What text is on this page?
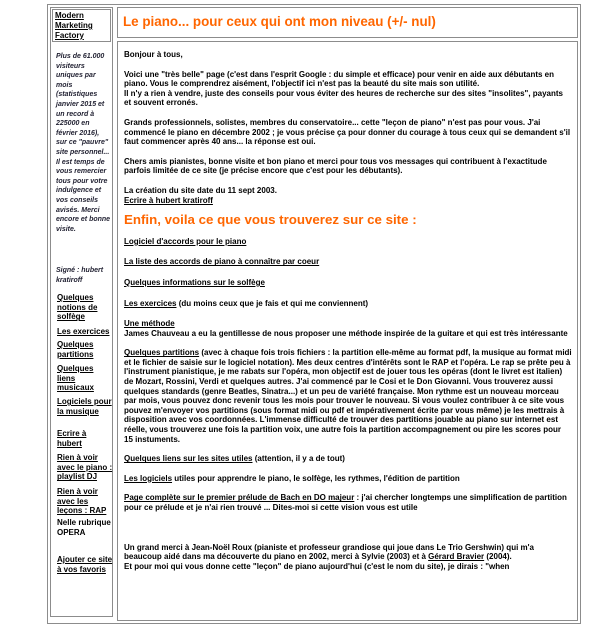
Modern
Marketing
Factory
Plus de 61.000 visiteurs uniques par mois (statistiques janvier 2015 et un record à 225000 en février 2016), sur ce "pauvre" site personnel... Il est temps de vous remercier tous pour votre indulgence et vos conseils avisés. Merci encore et bonne visite.
Signé : hubert kratiroff
Quelques notions de solfège
Les exercices
Quelques partitions
Quelques liens musicaux
Logiciels pour la musique
Ecrire à hubert
Rien à voir avec le piano : playlist DJ
Rien à voir avec les leçons : RAP
Nelle rubrique OPERA
Ajouter ce site à vos favoris
Le piano... pour ceux qui ont mon niveau (+/- nul)

Bonjour à tous,

Voici une "très belle" page (c'est dans l'esprit Google : du simple et efficace) pour venir en aide aux débutants en piano. Vous le comprendrez aisément, l'objectif ici n'est pas la beauté du site mais son utilité.
Il n'y a rien à vendre, juste des conseils pour vous éviter des heures de recherche sur des sites "insolites", payants et souvent erronés.

Grands professionnels, solistes, membres du conservatoire... cette "leçon de piano" n'est pas pour vous. J'ai commencé le piano en décembre 2002 ; je vous précise ça pour donner du courage à tous ceux qui se demandent s'il faut commencer après 40 ans... la réponse est oui.

Chers amis pianistes, bonne visite et bon piano et merci pour tous vos messages qui contribuent à l'exactitude parfois limitée de ce site (je précise encore que c'est pour les débutants).

La création du site date du 11 sept 2003.
Ecrire à hubert kratiroff

Enfin, voila ce que vous trouverez sur ce site :
Logiciel d'accords pour le piano
La liste des accords de piano à connaître par coeur
Quelques informations sur le solfège

Les exercices (du moins ceux que je fais et qui me conviennent)

Une méthode
James Chauveau a eu la gentillesse de nous proposer une méthode inspirée de la guitare et qui est très intéressante

Quelques partitions (avec à chaque fois trois fichiers : la partition elle-même au format pdf, la musique au format midi et le fichier de saisie sur le logiciel notation). Mes deux centres d'intérêts sont le RAP et l'opéra. Le rap se prête peu à l'instrument pianistique, je me rabats sur l'opéra, mon objectif est de jouer tous les opéras (dont le livret est italien) de Mozart, Rossini, Verdi et quelques autres. J'ai commencé par le Cosi et le Don Giovanni. Vous trouverez aussi quelques standards (genre Beatles, Sinatra...) et un peu de variété française. Mon rythme est un nouveau morceau par mois, vous pouvez donc revenir tous les mois pour trouver le nouveau. Si vous voulez contribuer à ce site vous pouvez m'envoyer vos partitions (sous format midi ou pdf et impérativement écrite par vous même) je les mettrais à disposition avec vos coordonnées. L'immense difficulté de trouver des partitions jouable au piano sur internet est réelle, vous trouverez une fois la partition voix, une autre fois la partition accompagnement ou pire les scores pour 15 instuments.

Quelques liens sur les sites utiles (attention, il y a de tout)

Les logiciels utiles pour apprendre le piano, le solfège, les rythmes, l'édition de partition

Page complète sur le premier prélude de Bach en DO majeur : j'ai chercher longtemps une simplification de partition pour ce prélude et je n'ai rien trouvé ... Dites-moi si cette vision vous est utile

Un grand merci à Jean-Noël Roux (pianiste et professeur grandiose qui joue dans Le Trio Gershwin) qui m'a beaucoup aidé dans ma découverte du piano en 2002, merci à Sylvie (2003) et à Gérard Bravier (2004).
Et pour moi qui vous donne cette "leçon" de piano aujourd'hui (c'est le nom du site), je dirais : "when
